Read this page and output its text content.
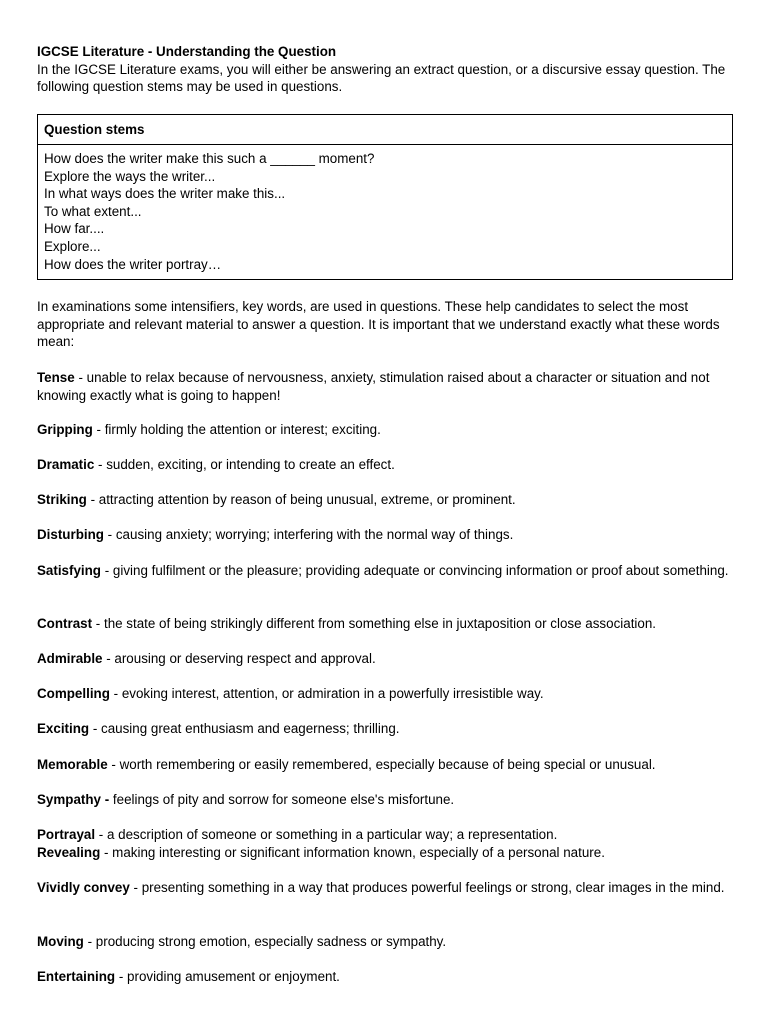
IGCSE Literature - Understanding the Question

In the IGCSE Literature exams, you will either be answering an extract question, or a discursive essay question. The following question stems may be used in questions.

Question stems
How does the writer make this such a ______ moment?
Explore the ways the writer...
In what ways does the writer make this...
To what extent...
How far....
Explore...
How does the writer portray…

In examinations some intensifiers, key words, are used in questions. These help candidates to select the most appropriate and relevant material to answer a question. It is important that we understand exactly what these words mean:

Tense - unable to relax because of nervousness, anxiety, stimulation raised about a character or situation and not knowing exactly what is going to happen!

Gripping - firmly holding the attention or interest; exciting.

Dramatic - sudden, exciting, or intending to create an effect.

Striking - attracting attention by reason of being unusual, extreme, or prominent.

Disturbing - causing anxiety; worrying; interfering with the normal way of things.

Satisfying - giving fulfilment or the pleasure; providing adequate or convincing information or proof about something.

Contrast - the state of being strikingly different from something else in juxtaposition or close association.

Admirable - arousing or deserving respect and approval.

Compelling - evoking interest, attention, or admiration in a powerfully irresistible way.

Exciting - causing great enthusiasm and eagerness; thrilling.

Memorable - worth remembering or easily remembered, especially because of being special or unusual.

Sympathy - feelings of pity and sorrow for someone else's misfortune.

Portrayal - a description of someone or something in a particular way; a representation.

Revealing - making interesting or significant information known, especially of a personal nature.

Vividly convey - presenting something in a way that produces powerful feelings or strong, clear images in the mind.

Moving - producing strong emotion, especially sadness or sympathy.

Entertaining - providing amusement or enjoyment.
